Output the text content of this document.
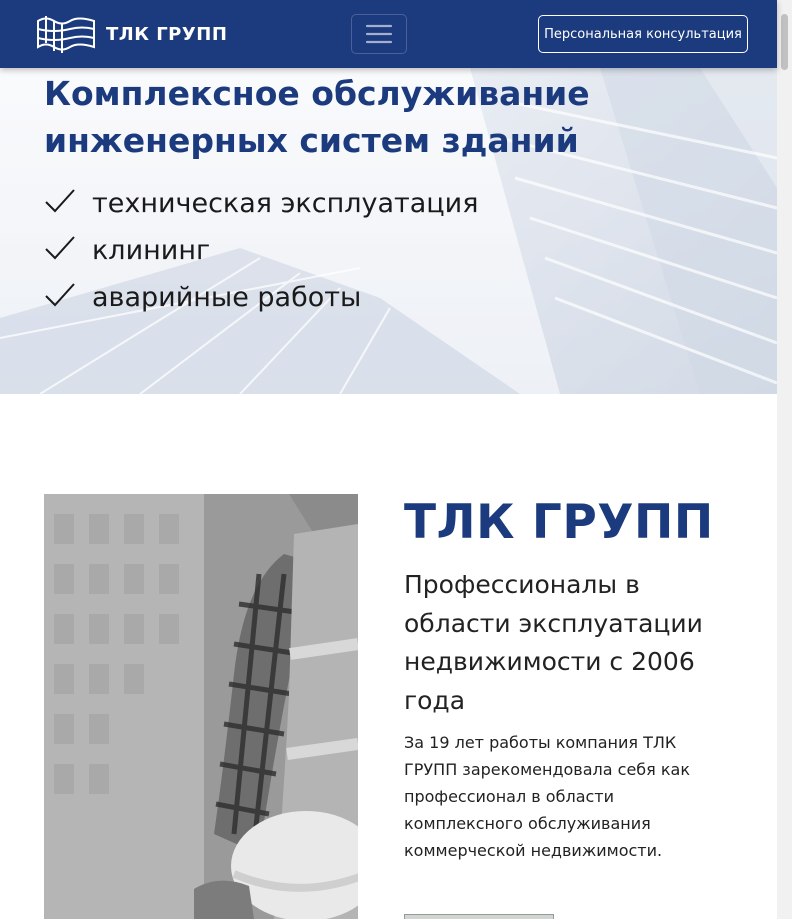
ТЛК ГРУПП	Персональная консультация
Комплексное обслуживание инженерных систем зданий
техническая эксплуатация
клининг
аварийные работы
ТЛК ГРУПП

Профессионалы в области эксплуатации недвижимости с 2006 года

За 19 лет работы компания ТЛК ГРУПП зарекомендовала себя как профессионал в области комплексного обслуживания коммерческой недвижимости.
